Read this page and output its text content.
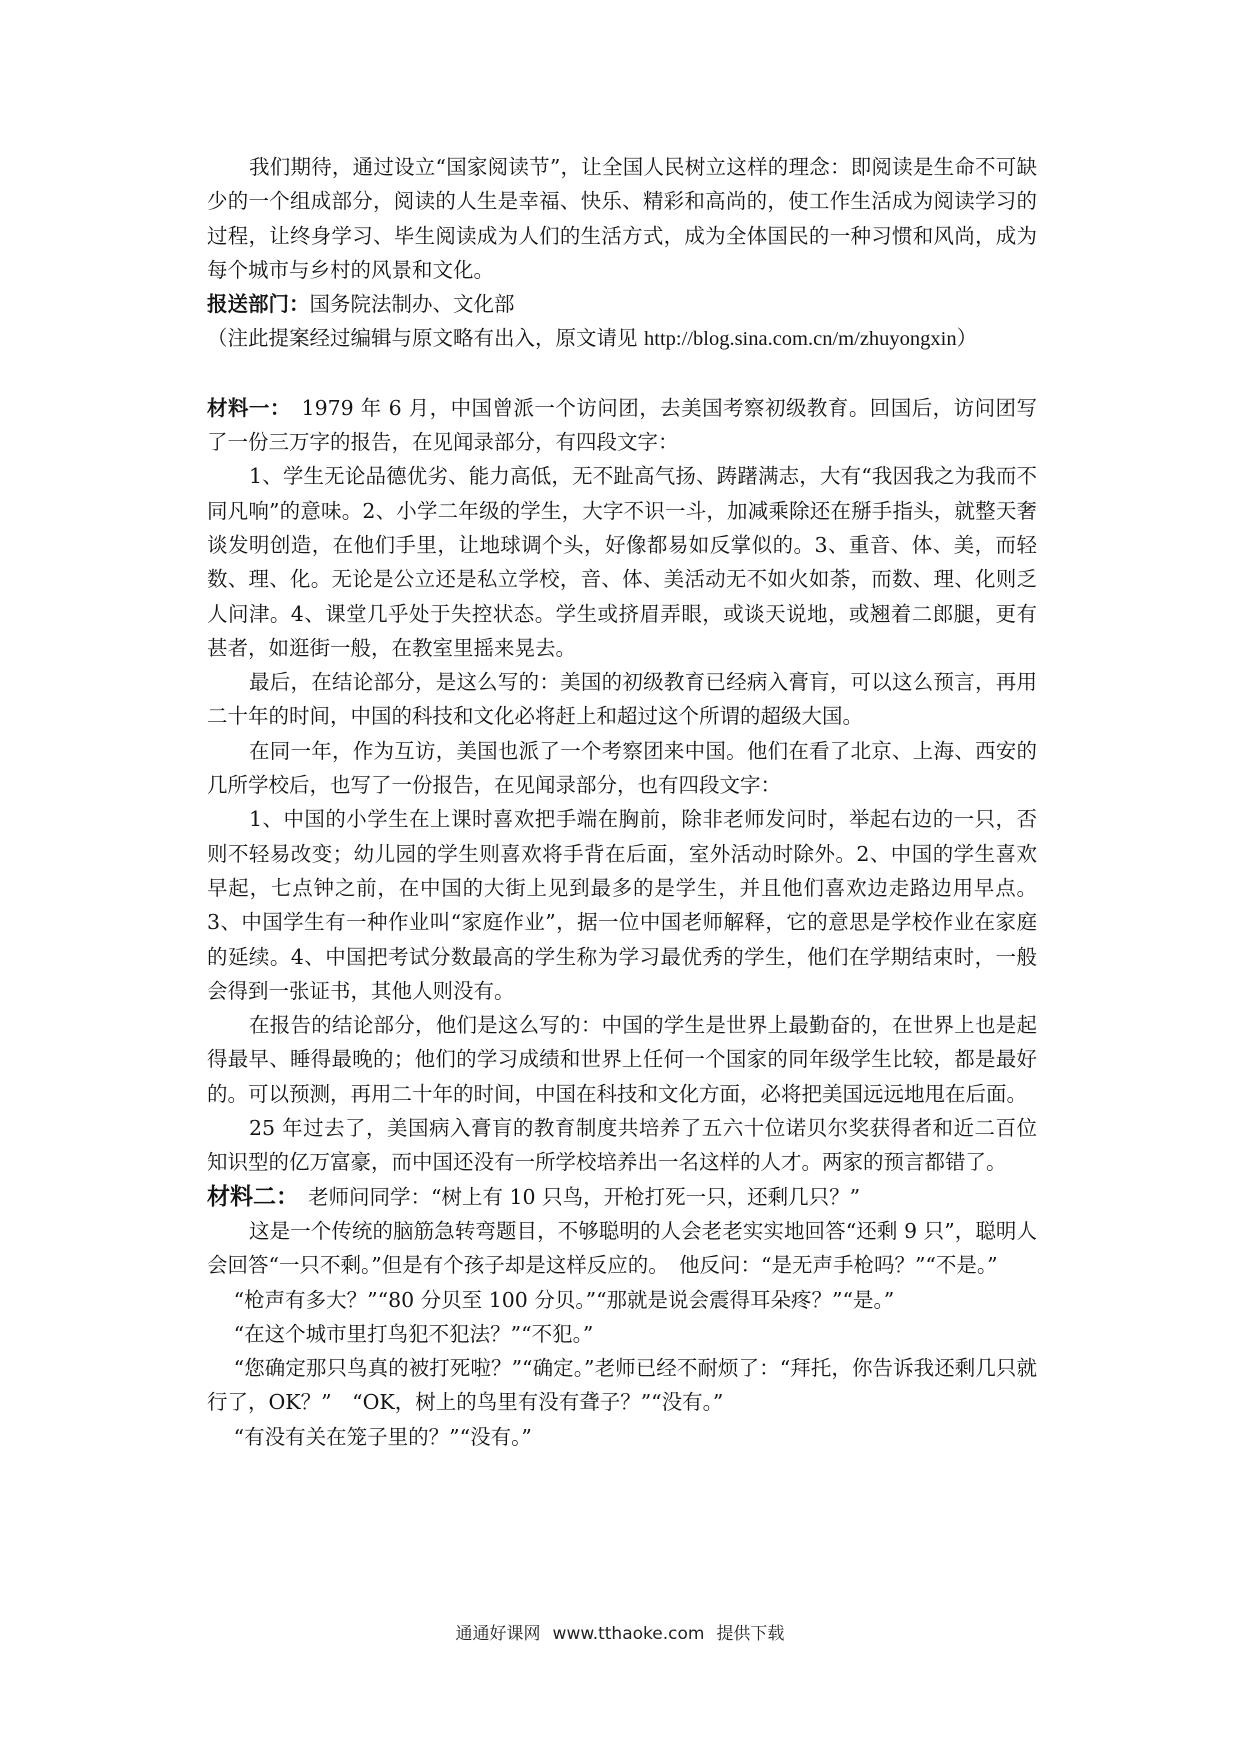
我们期待，通过设立“国家阅读节”，让全国人民树立这样的理念：即阅读是生命不可缺少的一个组成部分，阅读的人生是幸福、快乐、精彩和高尚的，使工作生活成为阅读学习的过程，让终身学习、毕生阅读成为人们的生活方式，成为全体国民的一种习惯和风尚，成为每个城市与乡村的风景和文化。

报送部门：国务院法制办、文化部

（注此提案经过编辑与原文略有出入，原文请见 http://blog.sina.com.cn/m/zhuyongxin）

材料一：　1979 年 6 月，中国曾派一个访问团，去美国考察初级教育。回国后，访问团写了一份三万字的报告，在见闻录部分，有四段文字：

1、学生无论品德优劣、能力高低，无不趾高气扬、踌躇满志，大有“我因我之为我而不同凡响”的意味。2、小学二年级的学生，大字不识一斗，加减乘除还在掰手指头，就整天奢谈发明创造，在他们手里，让地球调个头，好像都易如反掌似的。3、重音、体、美，而轻数、理、化。无论是公立还是私立学校，音、体、美活动无不如火如荼，而数、理、化则乏人问津。4、课堂几乎处于失控状态。学生或挤眉弄眼，或谈天说地，或翘着二郎腿，更有甚者，如逛街一般，在教室里摇来晃去。

最后，在结论部分，是这么写的：美国的初级教育已经病入膏肓，可以这么预言，再用二十年的时间，中国的科技和文化必将赶上和超过这个所谓的超级大国。

在同一年，作为互访，美国也派了一个考察团来中国。他们在看了北京、上海、西安的几所学校后，也写了一份报告，在见闻录部分，也有四段文字：

1、中国的小学生在上课时喜欢把手端在胸前，除非老师发问时，举起右边的一只，否则不轻易改变；幼儿园的学生则喜欢将手背在后面，室外活动时除外。2、中国的学生喜欢早起，七点钟之前，在中国的大街上见到最多的是学生，并且他们喜欢边走路边用早点。3、中国学生有一种作业叫“家庭作业”，据一位中国老师解释，它的意思是学校作业在家庭的延续。4、中国把考试分数最高的学生称为学习最优秀的学生，他们在学期结束时，一般会得到一张证书，其他人则没有。

在报告的结论部分，他们是这么写的：中国的学生是世界上最勤奋的，在世界上也是起得最早、睡得最晚的；他们的学习成绩和世界上任何一个国家的同年级学生比较，都是最好的。可以预测，再用二十年的时间，中国在科技和文化方面，必将把美国远远地甩在后面。

25 年过去了，美国病入膏肓的教育制度共培养了五六十位诺贝尔奖获得者和近二百位知识型的亿万富豪，而中国还没有一所学校培养出一名这样的人才。两家的预言都错了。

材料二：　老师问同学：“树上有 10 只鸟，开枪打死一只，还剩几只？”

这是一个传统的脑筋急转弯题目，不够聪明的人会老老实实地回答“还剩 9 只”，聪明人会回答“一只不剩。”但是有个孩子却是这样反应的。　他反问：“是无声手枪吗？”“不是。”

“枪声有多大？”“80 分贝至 100 分贝。”“那就是说会震得耳朵疼？”“是。”

“在这个城市里打鸟犯不犯法？”“不犯。”

“您确定那只鸟真的被打死啦？”“确定。”老师已经不耐烦了：“拜托，你告诉我还剩几只就行了，OK？”　“OK，树上的鸟里有没有聋子？”“没有。”

“有没有关在笼子里的？”“没有。”

通通好课网 www.tthaoke.com 提供下载
